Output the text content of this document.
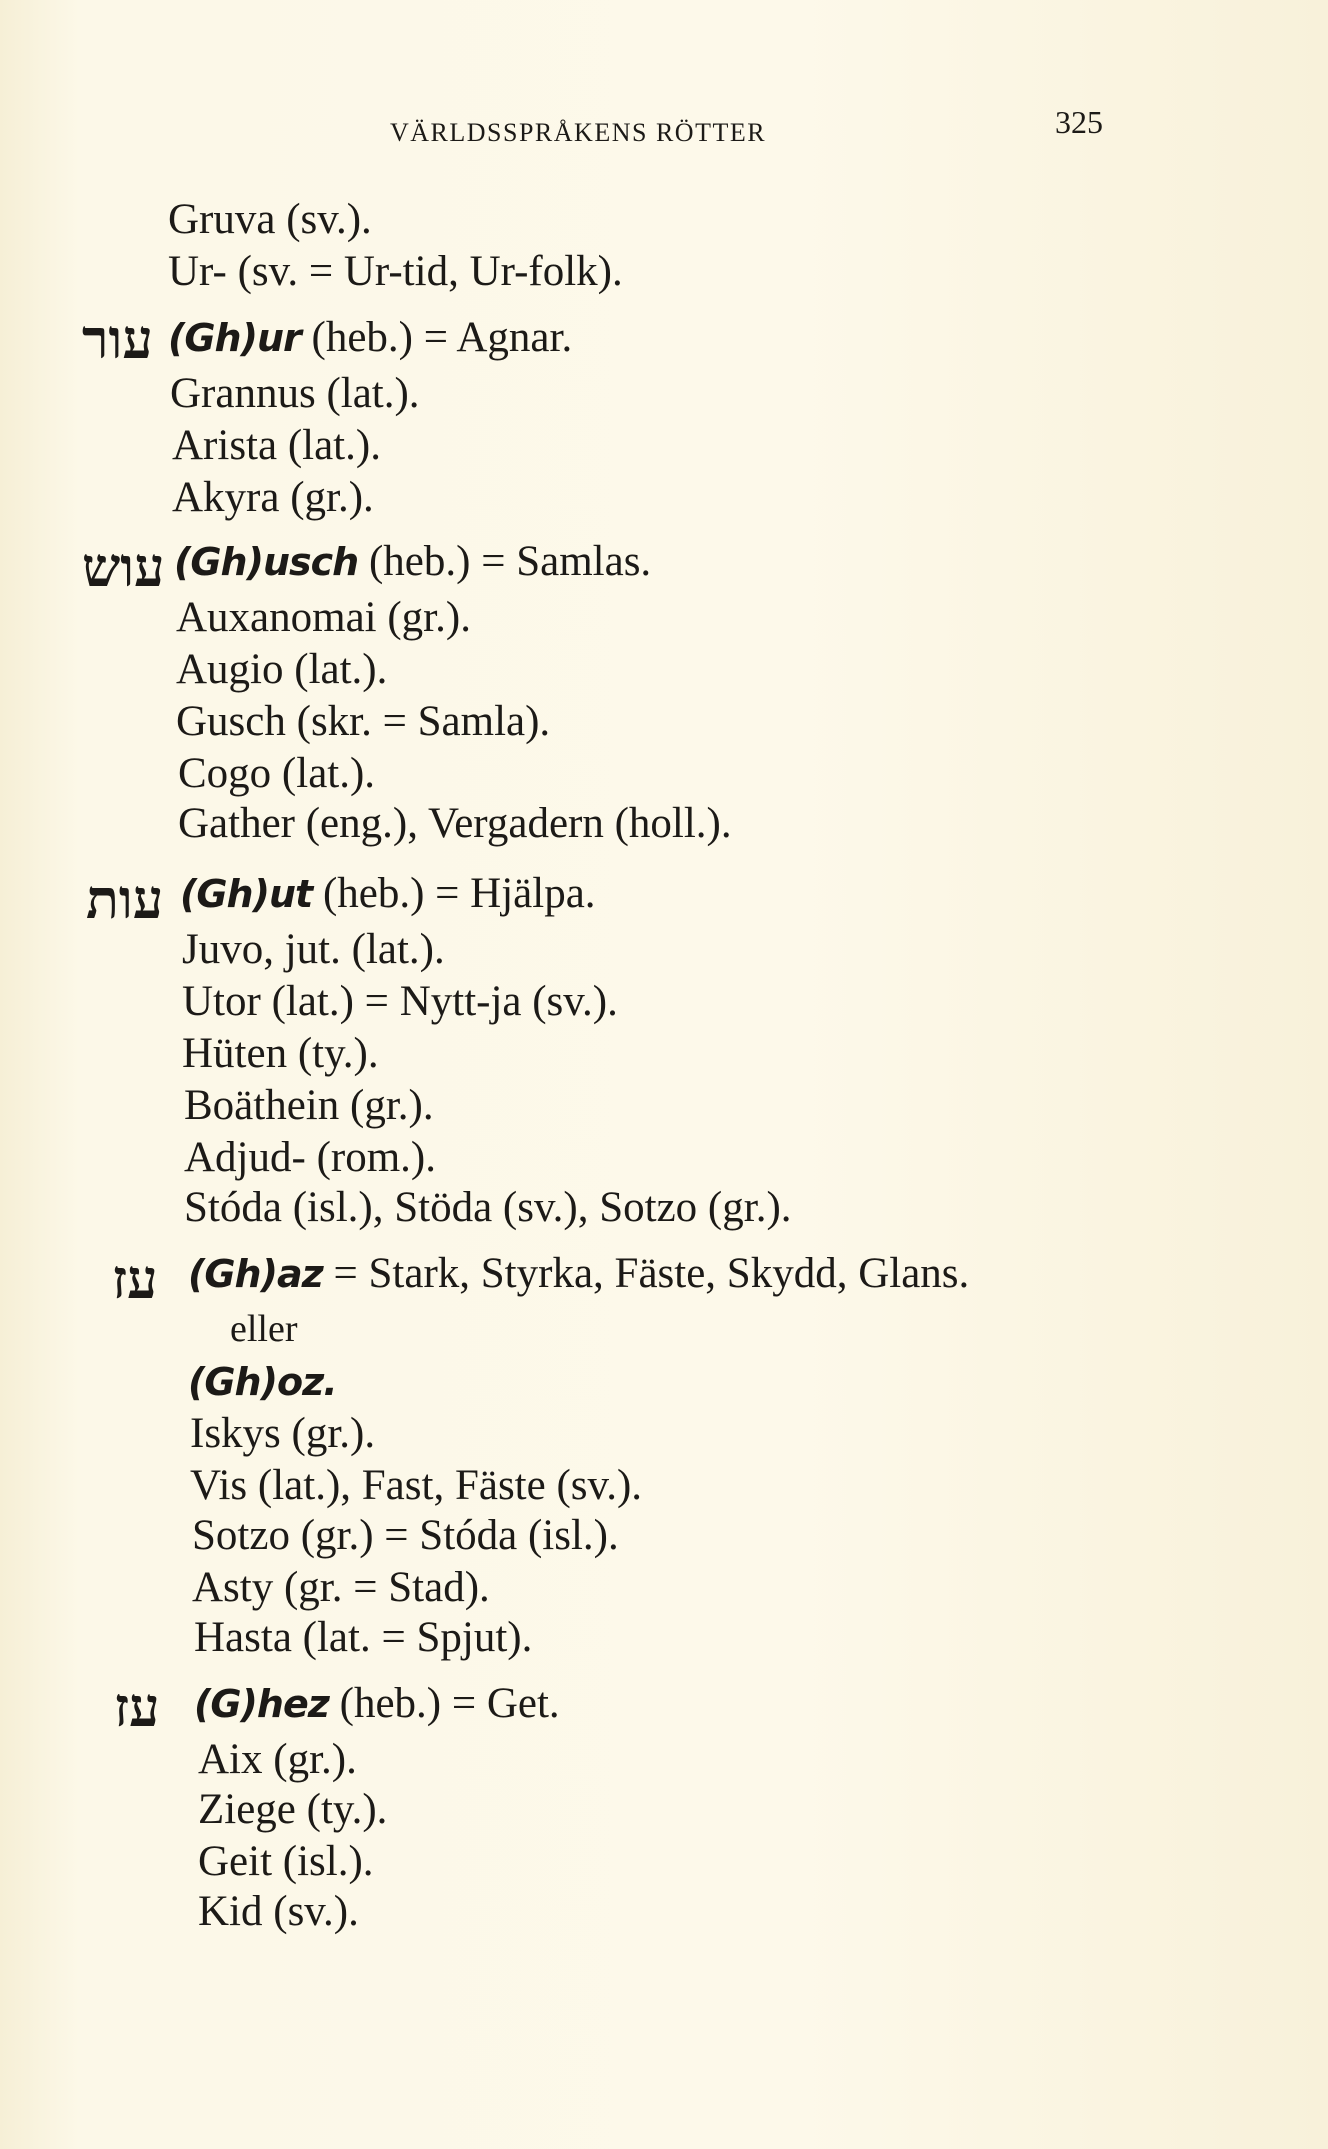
VÄRLDSSPRÅKENS RÖTTER	325
Gruva (sv.).
Ur- (sv. = Ur-tid, Ur-folk).
עור (Gh)ur (heb.) = Agnar.
Grannus (lat.).
Arista (lat.).
Akyra (gr.).
עוש (Gh)usch (heb.) = Samlas.
Auxanomai (gr.).
Augio (lat.).
Gusch (skr. = Samla).
Cogo (lat.).
Gather (eng.), Vergadern (holl.).
עות (Gh)ut (heb.) = Hjälpa.
Juvo, jut. (lat.).
Utor (lat.) = Nytt-ja (sv.).
Hüten (ty.).
Boäthein (gr.).
Adjud- (rom.).
Stóda (isl.), Stöda (sv.), Sotzo (gr.).
עז (Gh)az = Stark, Styrka, Fäste, Skydd, Glans.
eller
(Gh)oz.
Iskys (gr.).
Vis (lat.), Fast, Fäste (sv.).
Sotzo (gr.) = Stóda (isl.).
Asty (gr. = Stad).
Hasta (lat. = Spjut).
עז (G)hez (heb.) = Get.
Aix (gr.).
Ziege (ty.).
Geit (isl.).
Kid (sv.).
